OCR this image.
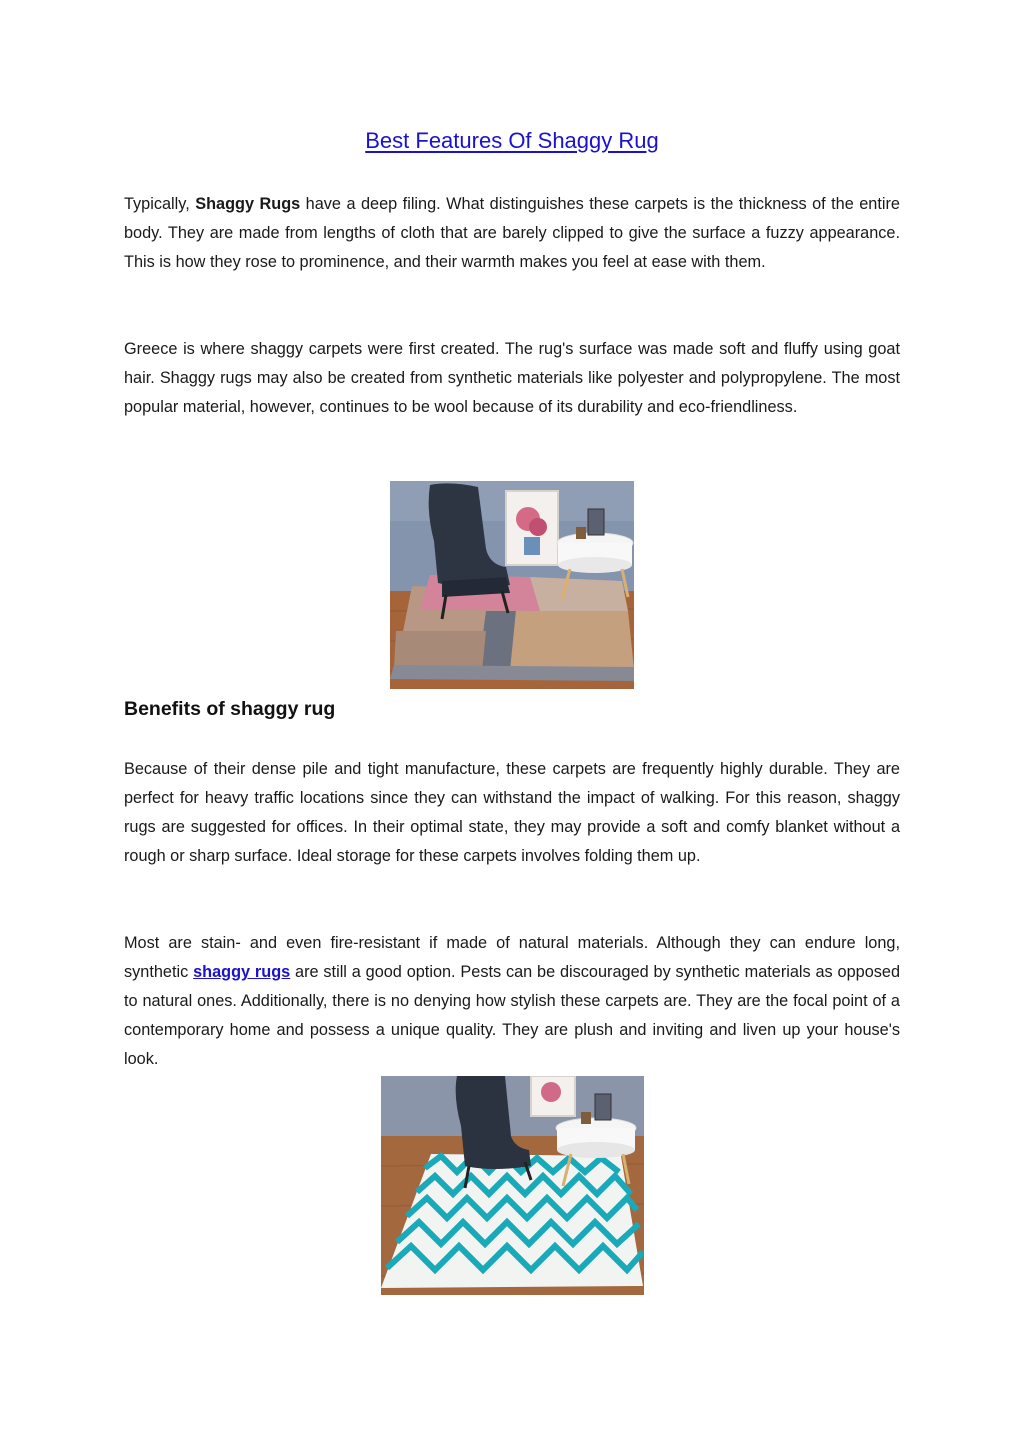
Best Features Of Shaggy Rug

Typically, Shaggy Rugs have a deep filing. What distinguishes these carpets is the thickness of the entire body. They are made from lengths of cloth that are barely clipped to give the surface a fuzzy appearance. This is how they rose to prominence, and their warmth makes you feel at ease with them.

Greece is where shaggy carpets were first created. The rug's surface was made soft and fluffy using goat hair. Shaggy rugs may also be created from synthetic materials like polyester and polypropylene. The most popular material, however, continues to be wool because of its durability and eco-friendliness.

Benefits of shaggy rug

Because of their dense pile and tight manufacture, these carpets are frequently highly durable. They are perfect for heavy traffic locations since they can withstand the impact of walking. For this reason, shaggy rugs are suggested for offices. In their optimal state, they may provide a soft and comfy blanket without a rough or sharp surface. Ideal storage for these carpets involves folding them up.

Most are stain- and even fire-resistant if made of natural materials. Although they can endure long, synthetic shaggy rugs are still a good option. Pests can be discouraged by synthetic materials as opposed to natural ones. Additionally, there is no denying how stylish these carpets are. They are the focal point of a contemporary home and possess a unique quality. They are plush and inviting and liven up your house's look.
